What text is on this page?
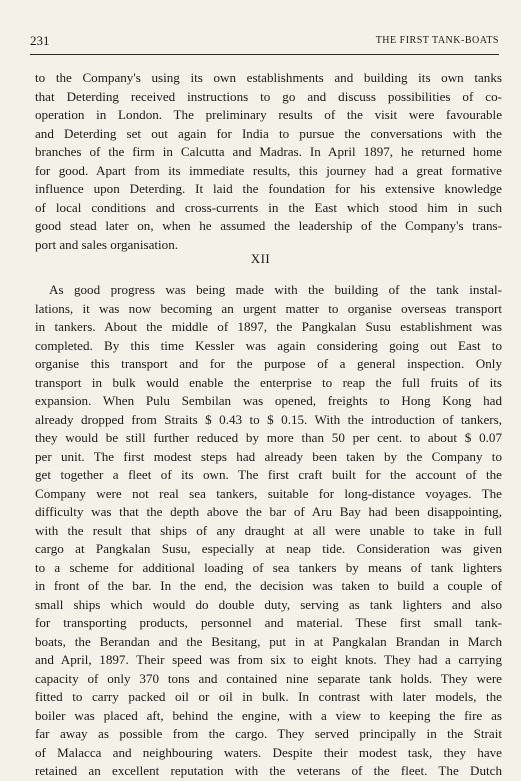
231	THE FIRST TANK-BOATS
to the Company's using its own establishments and building its own tanks
that Deterding received instructions to go and discuss possibilities of co-
operation in London. The preliminary results of the visit were favourable
and Deterding set out again for India to pursue the conversations with the
branches of the firm in Calcutta and Madras. In April 1897, he returned home
for good. Apart from its immediate results, this journey had a great formative
influence upon Deterding. It laid the foundation for his extensive knowledge
of local conditions and cross-currents in the East which stood him in such
good stead later on, when he assumed the leadership of the Company's trans-
port and sales organisation.
XII
As good progress was being made with the building of the tank instal-
lations, it was now becoming an urgent matter to organise overseas transport
in tankers. About the middle of 1897, the Pangkalan Susu establishment was
completed. By this time Kessler was again considering going out East to
organise this transport and for the purpose of a general inspection. Only
transport in bulk would enable the enterprise to reap the full fruits of its
expansion. When Pulu Sembilan was opened, freights to Hong Kong had
already dropped from Straits $ 0.43 to $ 0.15. With the introduction of tankers,
they would be still further reduced by more than 50 per cent. to about $ 0.07
per unit. The first modest steps had already been taken by the Company to
get together a fleet of its own. The first craft built for the account of the
Company were not real sea tankers, suitable for long-distance voyages. The
difficulty was that the depth above the bar of Aru Bay had been disappointing,
with the result that ships of any draught at all were unable to take in full
cargo at Pangkalan Susu, especially at neap tide. Consideration was given
to a scheme for additional loading of sea tankers by means of tank lighters
in front of the bar. In the end, the decision was taken to build a couple of
small ships which would do double duty, serving as tank lighters and also
for transporting products, personnel and material. These first small tank-
boats, the Berandan and the Besitang, put in at Pangkalan Brandan in March
and April, 1897. Their speed was from six to eight knots. They had a carrying
capacity of only 370 tons and contained nine separate tank holds. They were
fitted to carry packed oil or oil in bulk. In contrast with later models, the
boiler was placed aft, behind the engine, with a view to keeping the fire as
far away as possible from the cargo. They served principally in the Strait
of Malacca and neighbouring waters. Despite their modest task, they have
retained an excellent reputation with the veterans of the fleet. The Dutch
